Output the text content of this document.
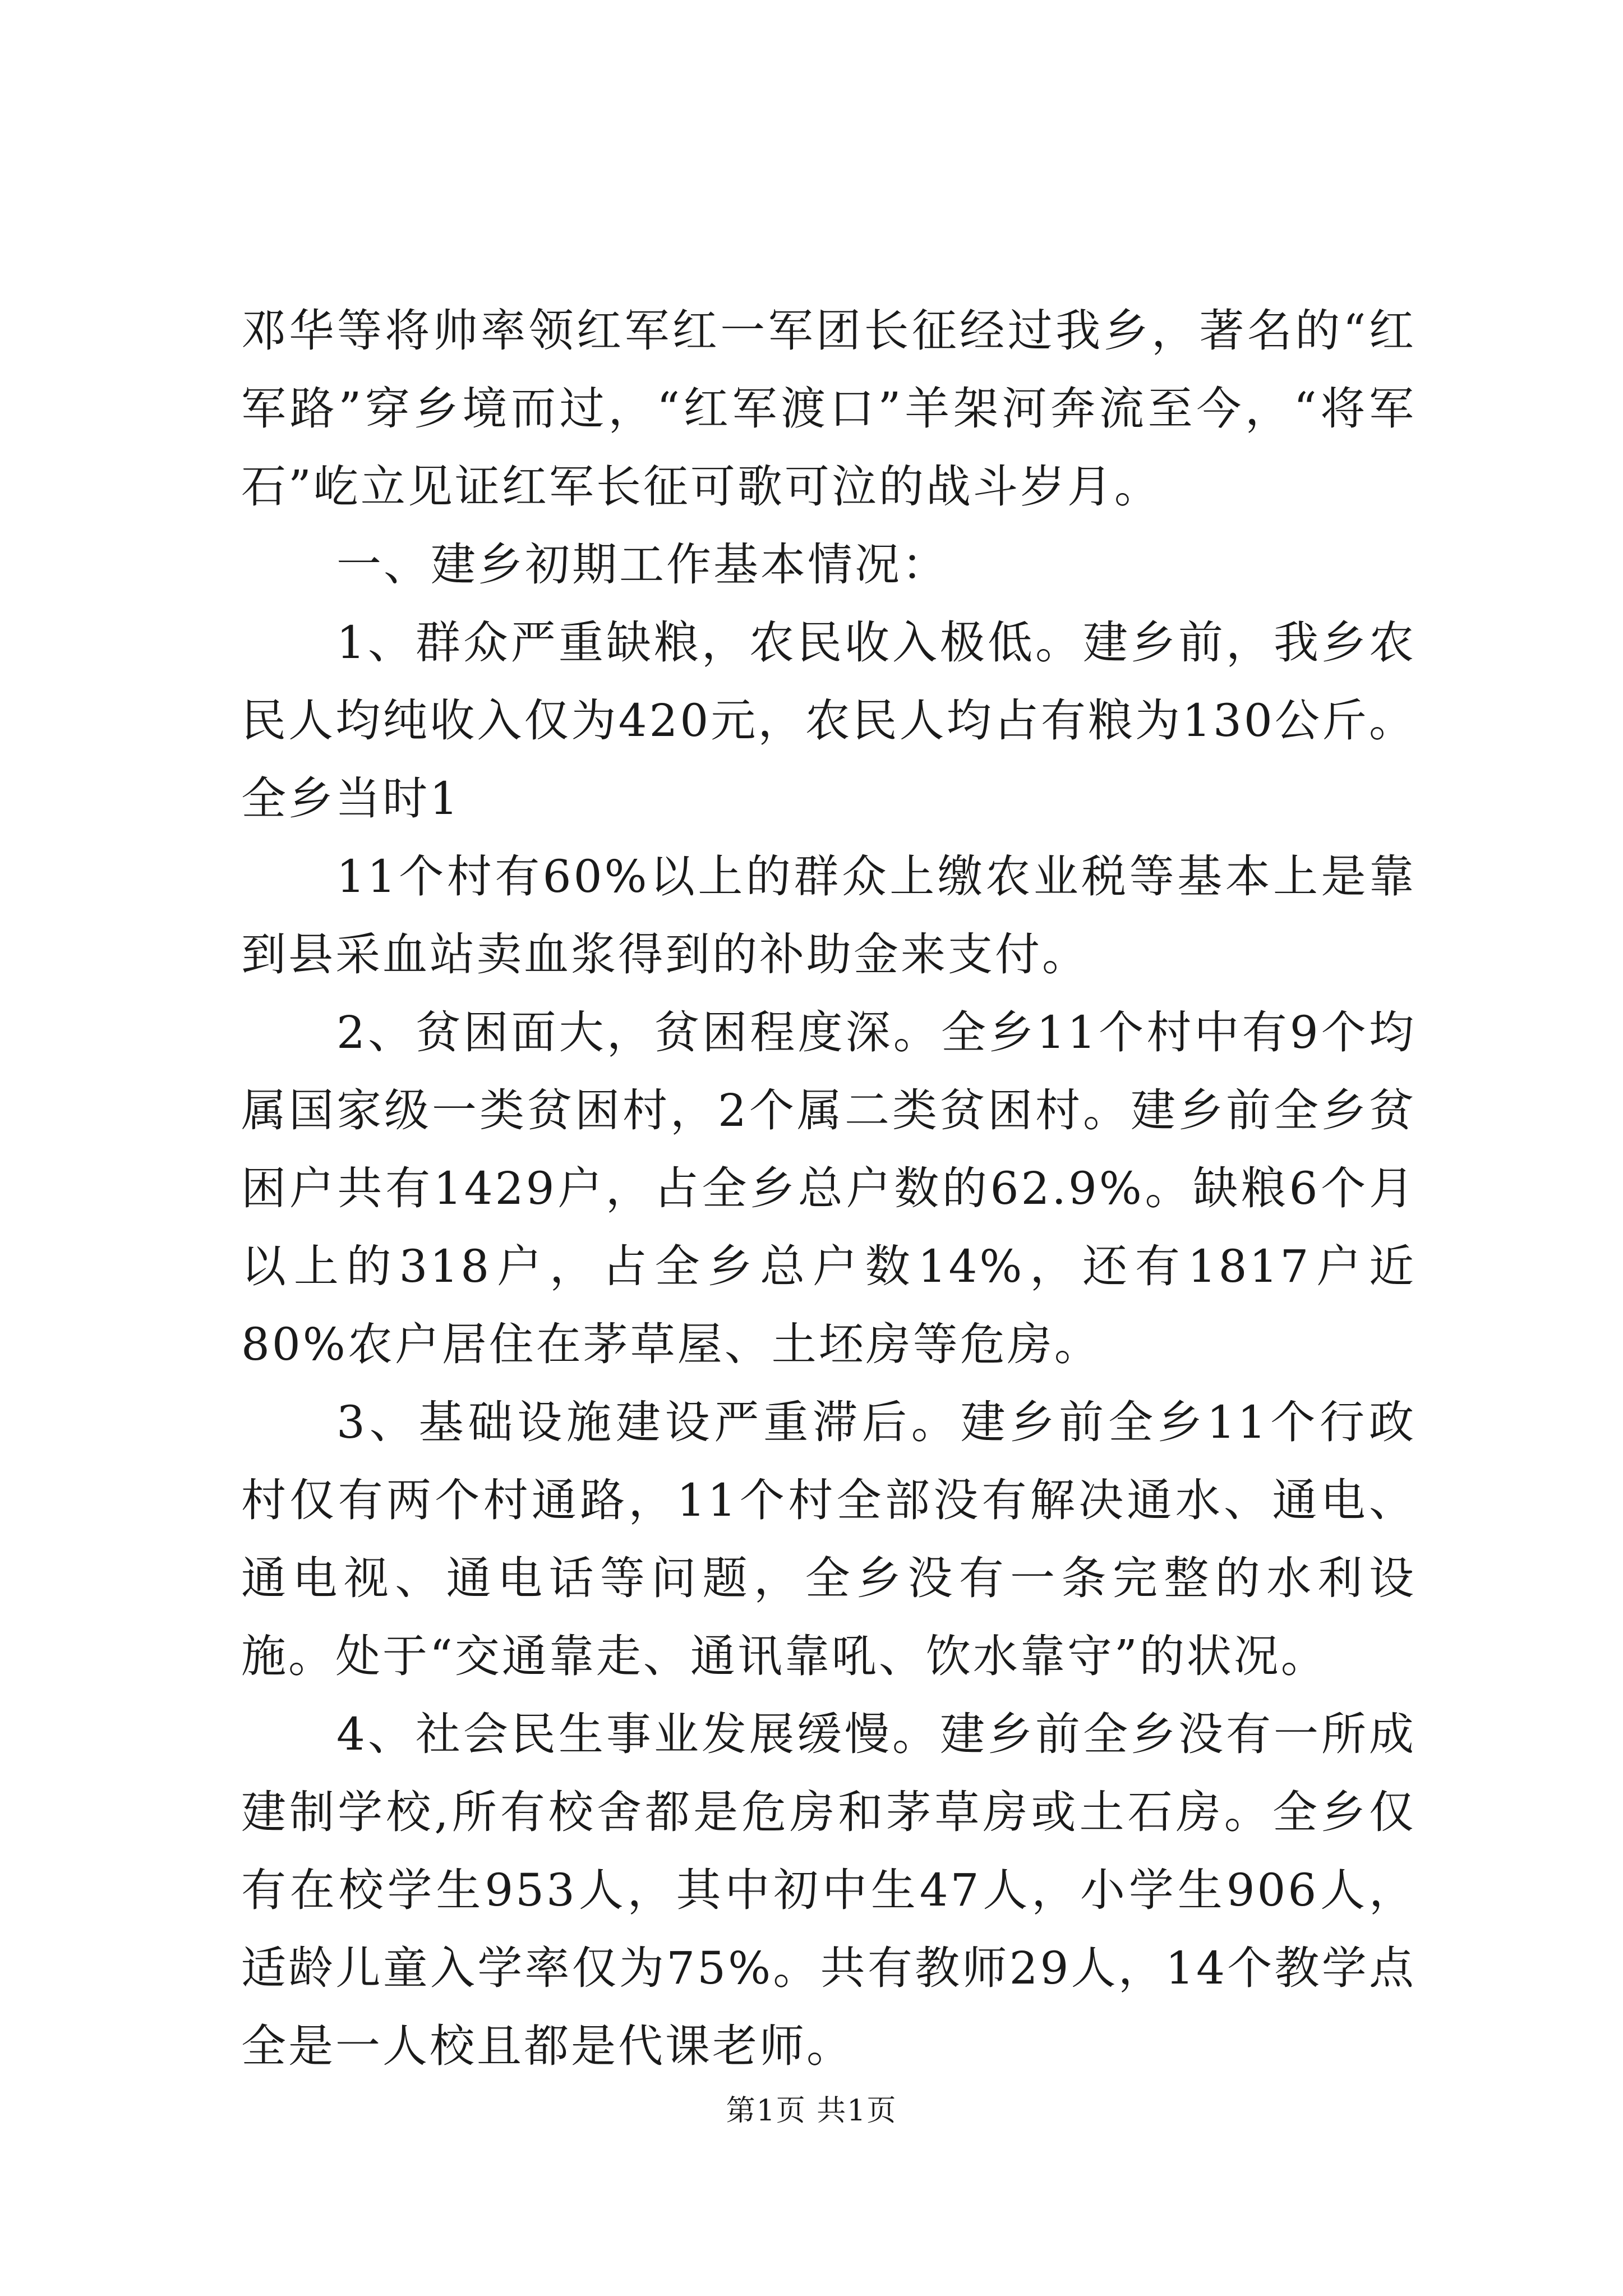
邓华等将帅率领红军红一军团长征经过我乡，著名的“红军路”穿乡境而过，“红军渡口”羊架河奔流至今，“将军石”屹立见证红军长征可歌可泣的战斗岁月。

一、建乡初期工作基本情况：

1、群众严重缺粮，农民收入极低。建乡前，我乡农民人均纯收入仅为420元，农民人均占有粮为130公斤。全乡当时1

11个村有60%以上的群众上缴农业税等基本上是靠到县采血站卖血浆得到的补助金来支付。

2、贫困面大，贫困程度深。全乡11个村中有9个均属国家级一类贫困村，2个属二类贫困村。建乡前全乡贫困户共有1429户，占全乡总户数的62.9%。缺粮6个月以上的318户，占全乡总户数14%，还有1817户近80%农户居住在茅草屋、土坯房等危房。

3、基础设施建设严重滞后。建乡前全乡11个行政村仅有两个村通路，11个村全部没有解决通水、通电、通电视、通电话等问题，全乡没有一条完整的水利设施。处于“交通靠走、通讯靠吼、饮水靠守”的状况。

4、社会民生事业发展缓慢。建乡前全乡没有一所成建制学校,所有校舍都是危房和茅草房或土石房。全乡仅有在校学生953人，其中初中生47人，小学生906人，适龄儿童入学率仅为75%。共有教师29人，14个教学点全是一人校且都是代课老师。

第1页 共1页
